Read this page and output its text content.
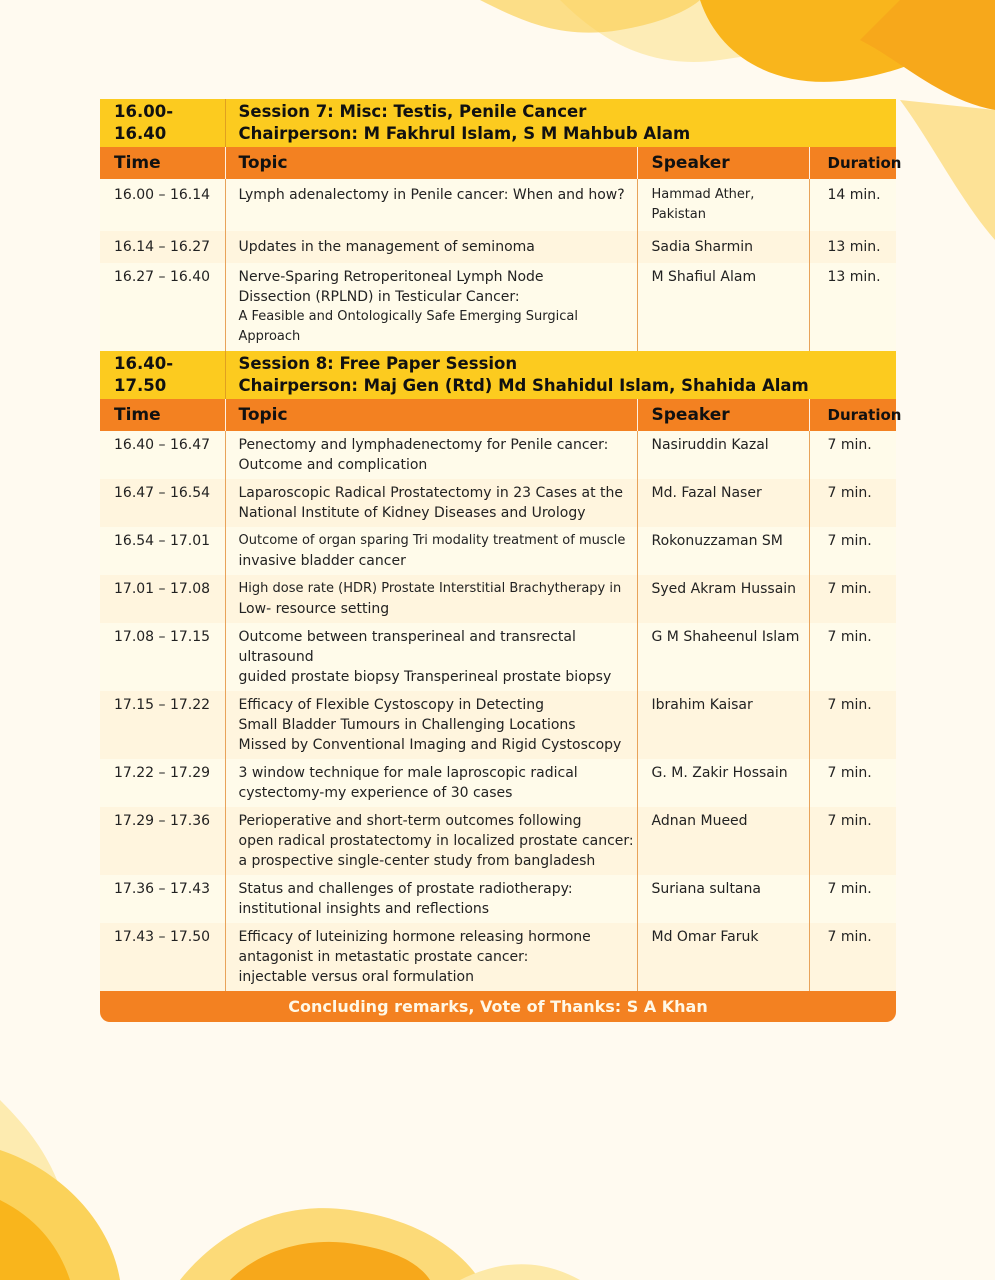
16.00-16.40	Session 7: Misc: Testis, Penile Cancer
Chairperson: M Fakhrul Islam, S M Mahbub Alam		

Time	Topic	Speaker	Duration
16.00 – 16.14	Lymph adenalectomy in Penile cancer: When and how?	Hammad Ather, Pakistan	14 min.
16.14 – 16.27	Updates in the management of seminoma	Sadia Sharmin	13 min.
16.27 – 16.40	Nerve-Sparing Retroperitoneal Lymph Node
Dissection (RPLND) in Testicular Cancer:
A Feasible and Ontologically Safe Emerging Surgical Approach	M Shafiul Alam	13 min.
16.40-17.50	Session 8: Free Paper Session
Chairperson: Maj Gen (Rtd) Md Shahidul Islam, Shahida Alam		

Time	Topic	Speaker	Duration
16.40 – 16.47	Penectomy and lymphadenectomy for Penile cancer:
Outcome and complication	Nasiruddin Kazal	7 min.
16.47 – 16.54	Laparoscopic Radical Prostatectomy in 23 Cases at the
National Institute of Kidney Diseases and Urology	Md. Fazal Naser	7 min.
16.54 – 17.01	Outcome of organ sparing Tri modality treatment of muscle
invasive bladder cancer	Rokonuzzaman SM	7 min.
17.01 – 17.08	High dose rate (HDR) Prostate Interstitial Brachytherapy in
Low- resource setting	Syed Akram Hussain	7 min.
17.08 – 17.15	Outcome between transperineal and transrectal ultrasound
guided prostate biopsy Transperineal prostate biopsy	G M Shaheenul Islam	7 min.
17.15 – 17.22	Efficacy of Flexible Cystoscopy in Detecting
Small Bladder Tumours in Challenging Locations
Missed by Conventional Imaging and Rigid Cystoscopy	Ibrahim Kaisar	7 min.
17.22 – 17.29	3 window technique for male laproscopic radical
cystectomy-my experience of 30 cases	G. M. Zakir Hossain	7 min.
17.29 – 17.36	Perioperative and short-term outcomes following
open radical prostatectomy in localized prostate cancer:
a prospective single-center study from bangladesh	Adnan Mueed	7 min.
17.36 – 17.43	Status and challenges of prostate radiotherapy:
institutional insights and reflections	Suriana sultana	7 min.
17.43 – 17.50	Efficacy of luteinizing hormone releasing hormone
antagonist in metastatic prostate cancer:
injectable versus oral formulation	Md Omar Faruk	7 min.
Concluding remarks, Vote of Thanks: S A Khan
